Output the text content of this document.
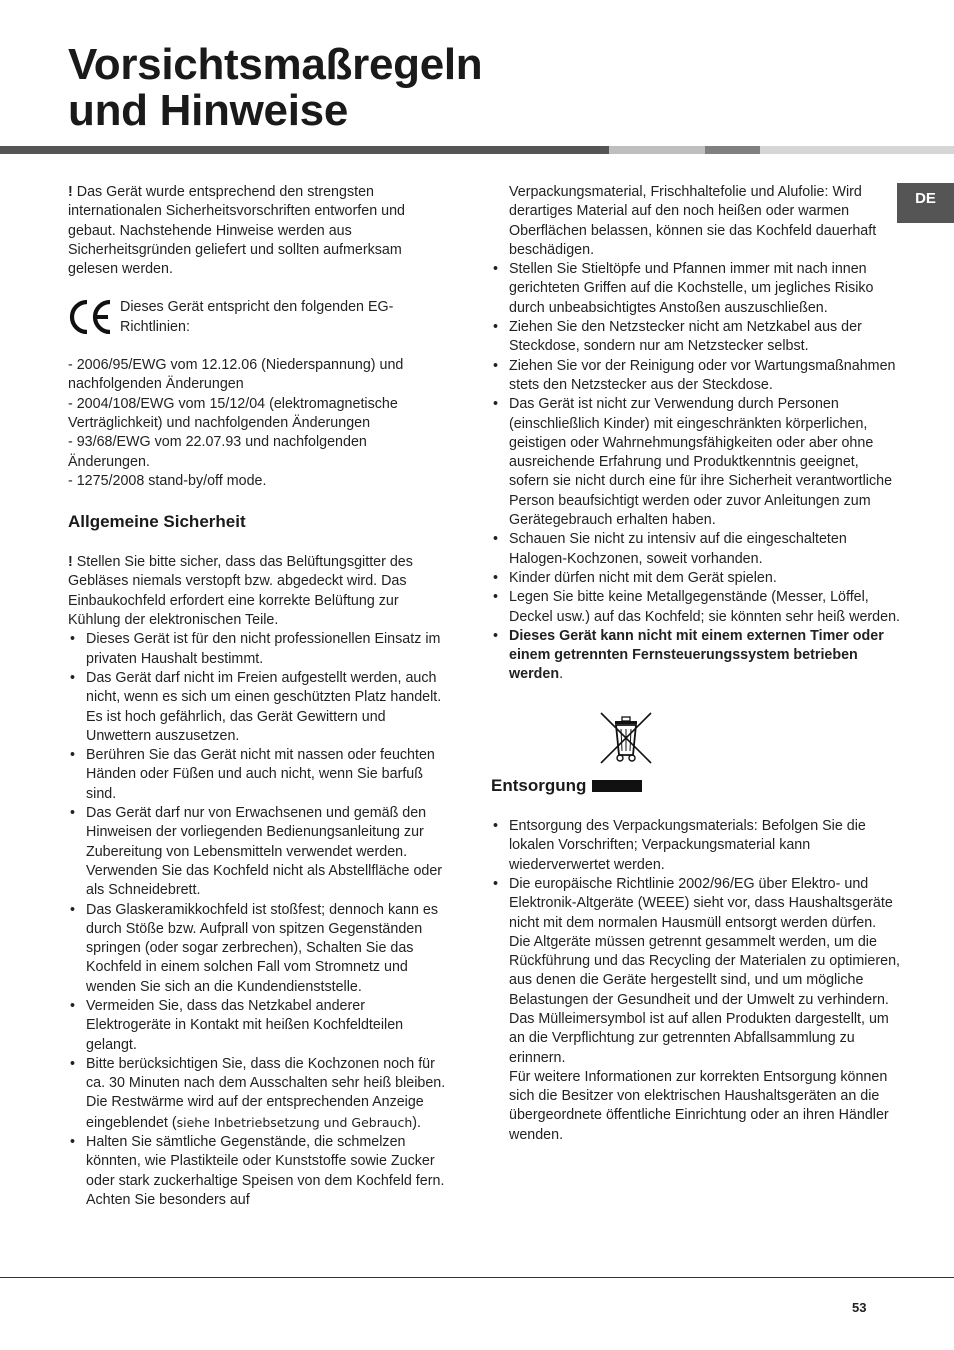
Vorsichtsmaßregeln
und Hinweise
DE

! Das Gerät wurde entsprechend den strengsten internationalen Sicherheitsvorschriften entworfen und gebaut. Nachstehende Hinweise werden aus Sicherheitsgründen geliefert und sollten aufmerksam gelesen werden.

Dieses Gerät entspricht den folgenden EG-Richtlinien:

- 2006/95/EWG vom 12.12.06 (Niederspannung) und nachfolgenden Änderungen

- 2004/108/EWG vom 15/12/04 (elektromagnetische Verträglichkeit) und nachfolgenden Änderungen

- 93/68/EWG vom 22.07.93 und nachfolgenden Änderungen.

- 1275/2008 stand-by/off mode.

Allgemeine Sicherheit

! Stellen Sie bitte sicher, dass das Belüftungsgitter des Gebläses niemals verstopft bzw. abgedeckt wird. Das Einbaukochfeld erfordert eine korrekte Belüftung zur Kühlung der elektronischen Teile.

• Dieses Gerät ist für den nicht professionellen Einsatz im privaten Haushalt bestimmt.
• Das Gerät darf nicht im Freien aufgestellt werden, auch nicht, wenn es sich um einen geschützten Platz handelt. Es ist hoch gefährlich, das Gerät Gewittern und Unwettern auszusetzen.
• Berühren Sie das Gerät nicht mit nassen oder feuchten Händen oder Füßen und auch nicht, wenn Sie barfuß sind.
• Das Gerät darf nur von Erwachsenen und gemäß den Hinweisen der vorliegenden Bedienungsanleitung zur Zubereitung von Lebensmitteln verwendet werden. Verwenden Sie das Kochfeld nicht als Abstellfläche oder als Schneidebrett.
• Das Glaskeramikkochfeld ist stoßfest; dennoch kann es durch Stöße bzw. Aufprall von spitzen Gegenständen springen (oder sogar zerbrechen), Schalten Sie das Kochfeld in einem solchen Fall vom Stromnetz und wenden Sie sich an die Kundendienststelle.
• Vermeiden Sie, dass das Netzkabel anderer Elektrogeräte in Kontakt mit heißen Kochfeldteilen gelangt.
• Bitte berücksichtigen Sie, dass die Kochzonen noch für ca. 30 Minuten nach dem Ausschalten sehr heiß bleiben. Die Restwärme wird auf der entsprechenden Anzeige eingeblendet (siehe Inbetriebsetzung und Gebrauch).
• Halten Sie sämtliche Gegenstände, die schmelzen könnten, wie Plastikteile oder Kunststoffe sowie Zucker oder stark zuckerhaltige Speisen von dem Kochfeld fern. Achten Sie besonders auf

Verpackungsmaterial, Frischhaltefolie und Alufolie: Wird derartiges Material auf den noch heißen oder warmen Oberflächen belassen, können sie das Kochfeld dauerhaft beschädigen.

• Stellen Sie Stieltöpfe und Pfannen immer mit nach innen gerichteten Griffen auf die Kochstelle, um jegliches Risiko durch unbeabsichtigtes Anstoßen auszuschließen.
• Ziehen Sie den Netzstecker nicht am Netzkabel aus der Steckdose, sondern nur am Netzstecker selbst.
• Ziehen Sie vor der Reinigung oder vor Wartungsmaßnahmen stets den Netzstecker aus der Steckdose.
• Das Gerät ist nicht zur Verwendung durch Personen (einschließlich Kinder) mit eingeschränkten körperlichen, geistigen oder Wahrnehmungsfähigkeiten oder aber ohne ausreichende Erfahrung und Produktkenntnis geeignet, sofern sie nicht durch eine für ihre Sicherheit verantwortliche Person beaufsichtigt werden oder zuvor Anleitungen zum Gerätegebrauch erhalten haben.
• Schauen Sie nicht zu intensiv auf die eingeschalteten Halogen-Kochzonen, soweit vorhanden.
• Kinder dürfen nicht mit dem Gerät spielen.
• Legen Sie bitte keine Metallgegenstände (Messer, Löffel, Deckel usw.) auf das Kochfeld; sie könnten sehr heiß werden.
• Dieses Gerät kann nicht mit einem externen Timer oder einem getrennten Fernsteuerungssystem betrieben werden.
Entsorgung
• Entsorgung des Verpackungsmaterials: Befolgen Sie die lokalen Vorschriften; Verpackungsmaterial kann wiederverwertet werden.
• Die europäische Richtlinie 2002/96/EG über Elektro- und Elektronik-Altgeräte (WEEE) sieht vor, dass Haushaltsgeräte nicht mit dem normalen Hausmüll entsorgt werden dürfen. Die Altgeräte müssen getrennt gesammelt werden, um die Rückführung und das Recycling der Materialen zu optimieren, aus denen die Geräte hergestellt sind, und um mögliche Belastungen der Gesundheit und der Umwelt zu verhindern. Das Mülleimersymbol ist auf allen Produkten dargestellt, um an die Verpflichtung zur getrennten Abfallsammlung zu erinnern.

Für weitere Informationen zur korrekten Entsorgung können sich die Besitzer von elektrischen Haushaltsgeräten an die übergeordnete öffentliche Einrichtung oder an ihren Händler wenden.

53
